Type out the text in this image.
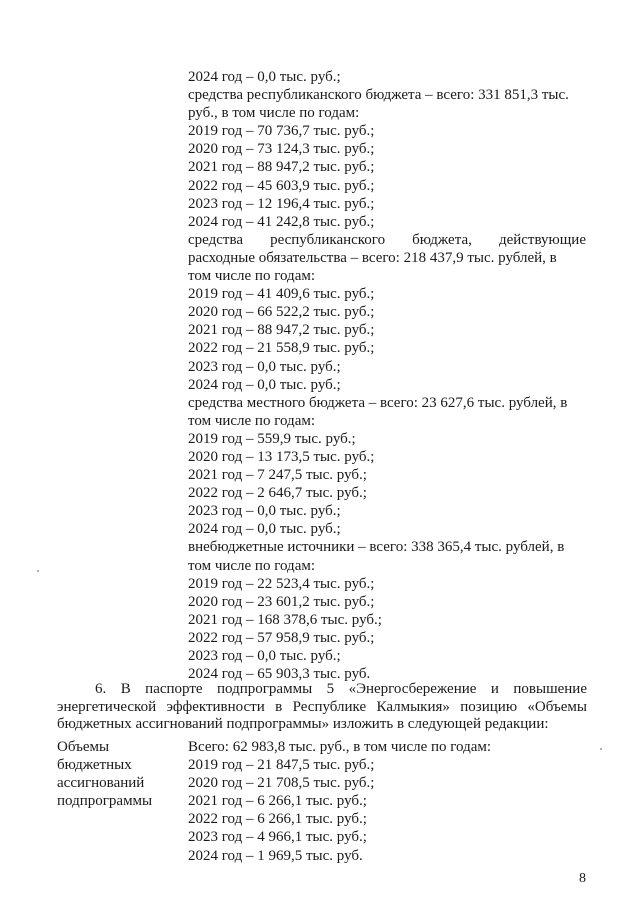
2024 год – 0,0 тыс. руб.;
средства республиканского бюджета – всего: 331 851,3 тыс.
руб., в том числе по годам:
2019 год – 70 736,7 тыс. руб.;
2020 год – 73 124,3 тыс. руб.;
2021 год – 88 947,2 тыс. руб.;
2022 год – 45 603,9 тыс. руб.;
2023 год – 12 196,4 тыс. руб.;
2024 год – 41 242,8 тыс. руб.;
средства республиканского бюджета, действующие
расходные обязательства – всего: 218 437,9 тыс. рублей, в
том числе по годам:
2019 год – 41 409,6 тыс. руб.;
2020 год – 66 522,2 тыс. руб.;
2021 год – 88 947,2 тыс. руб.;
2022 год – 21 558,9 тыс. руб.;
2023 год – 0,0 тыс. руб.;
2024 год – 0,0 тыс. руб.;
средства местного бюджета – всего: 23 627,6 тыс. рублей, в
том числе по годам:
2019 год – 559,9 тыс. руб.;
2020 год – 13 173,5 тыс. руб.;
2021 год – 7 247,5 тыс. руб.;
2022 год – 2 646,7 тыс. руб.;
2023 год – 0,0 тыс. руб.;
2024 год – 0,0 тыс. руб.;
внебюджетные источники – всего: 338 365,4 тыс. рублей, в
том числе по годам:
2019 год – 22 523,4 тыс. руб.;
2020 год – 23 601,2 тыс. руб.;
2021 год – 168 378,6 тыс. руб.;
2022 год – 57 958,9 тыс. руб.;
2023 год – 0,0 тыс. руб.;
2024 год – 65 903,3 тыс. руб.
6. В паспорте подпрограммы 5 «Энергосбережение и повышение
энергетической эффективности в Республике Калмыкия» позицию «Объемы
бюджетных ассигнований подпрограммы» изложить в следующей редакции:
Объемы
бюджетных
ассигнований
подпрограммы
Всего: 62 983,8 тыс. руб., в том числе по годам:
2019 год – 21 847,5 тыс. руб.;
2020 год – 21 708,5 тыс. руб.;
2021 год – 6 266,1 тыс. руб.;
2022 год – 6 266,1 тыс. руб.;
2023 год – 4 966,1 тыс. руб.;
2024 год – 1 969,5 тыс. руб.
8
